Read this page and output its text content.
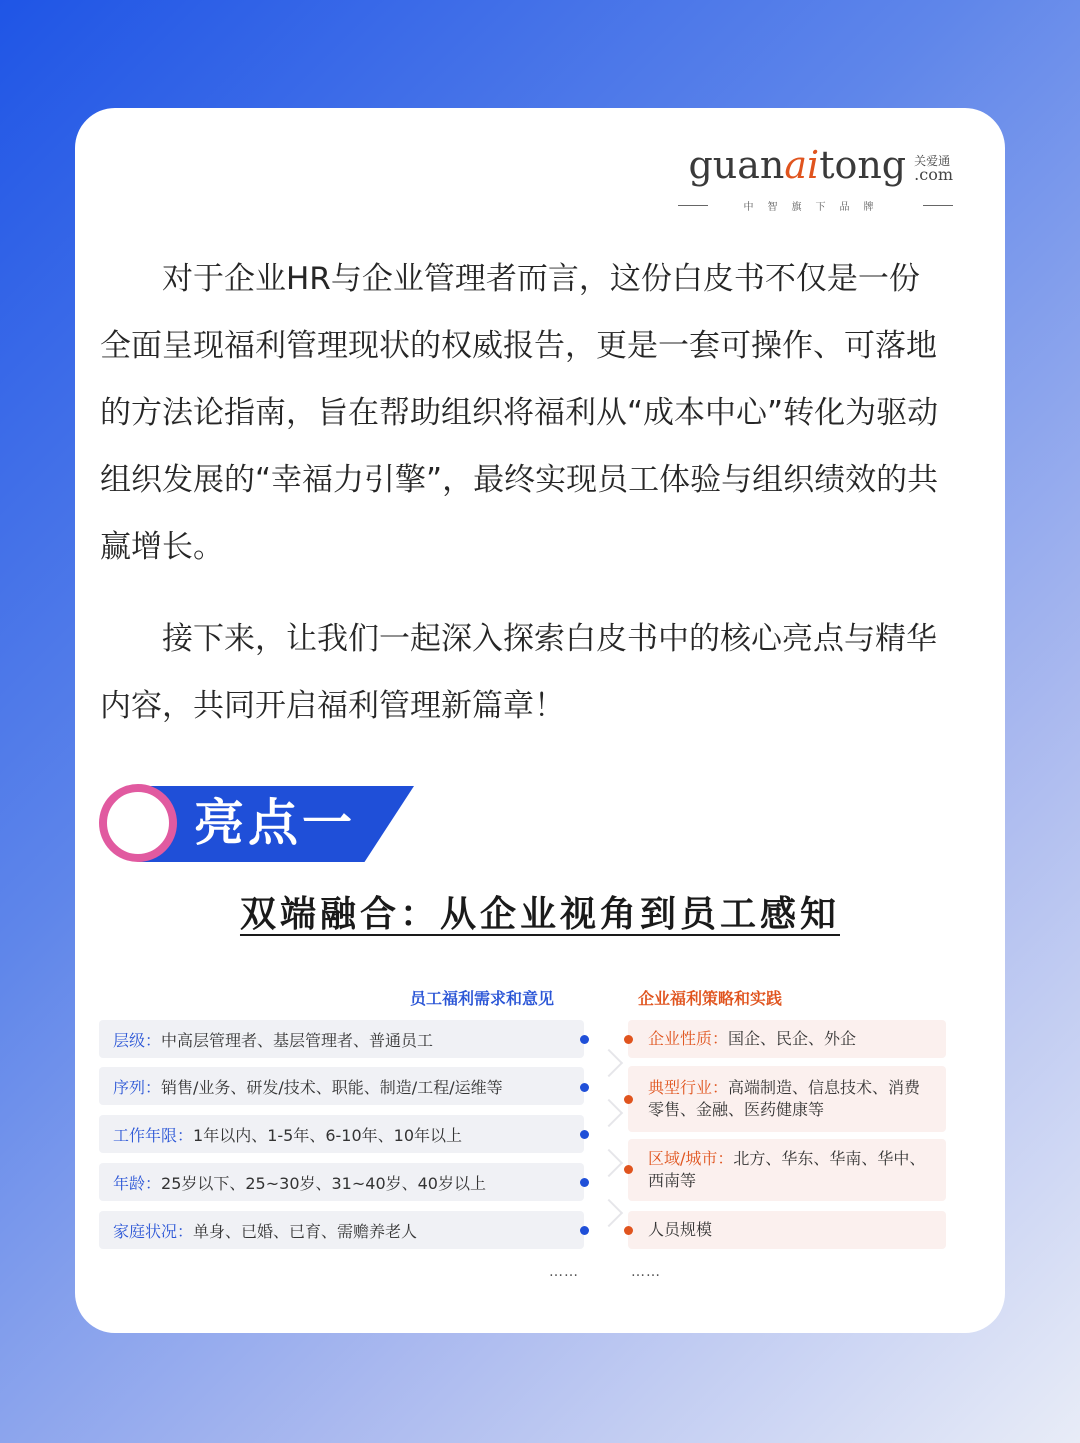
guan ai tong 关爱通
.com
中智旗下品牌

对于企业HR与企业管理者而言，这份白皮书不仅是一份全面呈现福利管理现状的权威报告，更是一套可操作、可落地的方法论指南，旨在帮助组织将福利从“成本中心”转化为驱动组织发展的“幸福力引擎”，最终实现员工体验与组织绩效的共赢增长。

接下来，让我们一起深入探索白皮书中的核心亮点与精华内容，共同开启福利管理新篇章！

亮点一
双端融合：从企业视角到员工感知
员工福利需求和意见	企业福利策略和实践
层级： 中高层管理者、基层管理者、普通员工
序列： 销售/业务、研发/技术、职能、制造/工程/运维等
工作年限： 1年以内、1-5年、6-10年、10年以上
年龄： 25岁以下、25~30岁、31~40岁、40岁以上
家庭状况： 单身、已婚、已育、需赡养老人
企业性质：国企、民企、外企
典型行业：高端制造、信息技术、消费零售、金融、医药健康等
区域/城市：北方、华东、华南、华中、西南等
人员规模
……	……
